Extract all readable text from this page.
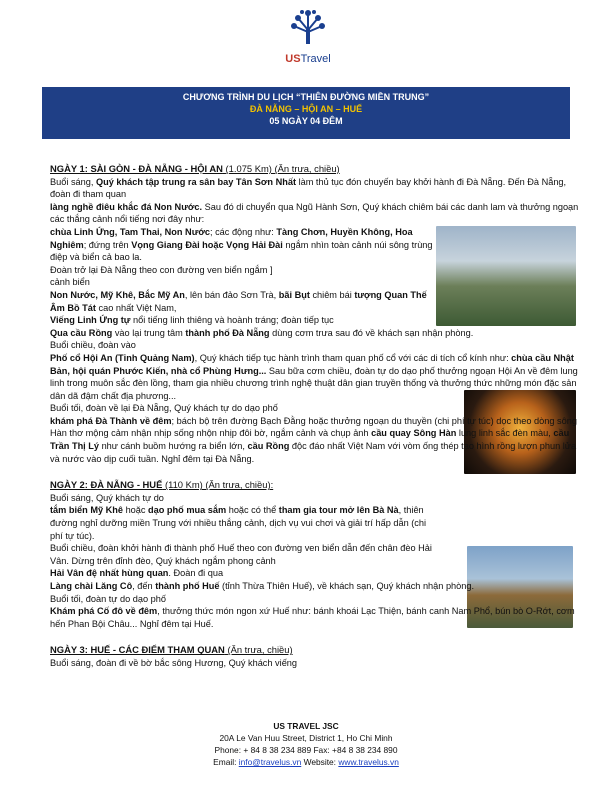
USTravel
CHƯƠNG TRÌNH DU LỊCH “THIÊN ĐƯỜNG MIỀN TRUNG”
ĐÀ NẴNG – HỘI AN – HUẾ
05 NGÀY 04 ĐÊM

NGÀY 1: SÀI GÒN - ĐÀ NẴNG - HỘI AN (1.075 Km) (Ăn trưa, chiều)

Buổi sáng, Quý khách tập trung ra sân bay Tân Sơn Nhất làm thủ tục đón chuyến bay khởi hành đi Đà Nẵng. Đến Đà Nẵng, đoàn đi tham quan

làng nghề điêu khắc đá Non Nước. Sau đó di chuyển qua Ngũ Hành Sơn, Quý khách chiêm bái các danh lam và thưởng ngoạn các thắng cảnh nổi tiếng nơi đây như:

chùa Linh Ứng, Tam Thai, Non Nước; các động như: Tàng Chơn, Huyền Không, Hoa Nghiêm; đứng trên Vọng Giang Đài hoặc Vọng Hải Đài ngắm nhìn toàn cảnh núi sông trùng điệp và biển cả bao la.

Đoàn trở lại Đà Nẵng theo con đường ven biển ngắm ]

cảnh biển

Non Nước, Mỹ Khê, Bắc Mỹ An, lên bán đảo Sơn Trà, bãi Bụt chiêm bái tượng Quan Thế Âm Bồ Tát cao nhất Việt Nam,

Viếng Linh Ứng tự nổi tiếng linh thiêng và hoành tráng; đoàn tiếp tục

Qua cầu Rồng vào lại trung tâm thành phố Đà Nẵng dùng cơm trưa sau đó về khách sạn nhận phòng.

Buổi chiều, đoàn vào

Phố cổ Hội An (Tỉnh Quảng Nam), Quý khách tiếp tục hành trình tham quan phố cổ với các di tích cổ kính như: chùa cầu Nhật Bản, hội quán Phước Kiến, nhà cổ Phùng Hưng... Sau bữa cơm chiều, đoàn tự do dạo phố thưởng ngoạn Hội An về đêm lung linh trong muôn sắc đèn lồng, tham gia nhiều chương trình nghệ thuật dân gian truyền thống và thưởng thức những món đặc sản dân dã đậm chất địa phương...

Buổi tối, đoàn về lại Đà Nẵng, Quý khách tự do dạo phố

khám phá Đà Thành về đêm; bách bộ trên đường Bạch Đằng hoặc thưởng ngoạn du thuyền (chi phí tự túc) dọc theo dòng sông Hàn thơ mộng cảm nhận nhịp sống nhộn nhịp đôi bờ, ngắm cảnh và chụp ảnh cầu quay Sông Hàn lung linh sắc đèn màu, cầu Trần Thị Lý như cánh buồm hướng ra biển lớn, cầu Rồng độc đáo nhất Việt Nam với vòm ống thép tạo hình rồng lượn phun lửa và nước vào dịp cuối tuần. Nghỉ đêm tại Đà Nẵng.

NGÀY 2: ĐÀ NẴNG - HUẾ (110 Km) (Ăn trưa, chiều):

Buổi sáng, Quý khách tự do

tắm biển Mỹ Khê hoặc dạo phố mua sắm hoặc có thể tham gia tour mở lên Bà Nà, thiên đường nghỉ dưỡng miền Trung với nhiều thắng cảnh, dịch vụ vui chơi và giải trí hấp dẫn (chi phí tự túc).

Buổi chiều, đoàn khởi hành đi thành phố Huế theo con đường ven biển dẫn đến chân đèo Hải Vân. Dừng trên đỉnh đèo, Quý khách ngắm phong cảnh

Hải Vân đệ nhất hùng quan. Đoàn đi qua

Làng chài Lăng Cô, đến thành phố Huế (tỉnh Thừa Thiên Huế), về khách sạn, Quý khách nhận phòng.

Buổi tối, đoàn tự do dạo phố

Khám phá Cố đô về đêm, thưởng thức món ngon xứ Huế như: bánh khoái Lạc Thiện, bánh canh Nam Phổ, bún bò O-Rớt, cơm hến Phan Bội Châu... Nghỉ đêm tại Huế.

NGÀY 3: HUẾ - CÁC ĐIỂM THAM QUAN (Ăn trưa, chiều)

Buổi sáng, đoàn đi về bờ bắc sông Hương, Quý khách viếng

US TRAVEL JSC
20A Le Van Huu Street, District 1, Ho Chi Minh
Phone: + 84 8 38 234 889 Fax: +84 8 38 234 890
Email: info@travelus.vn Website: www.travelus.vn
